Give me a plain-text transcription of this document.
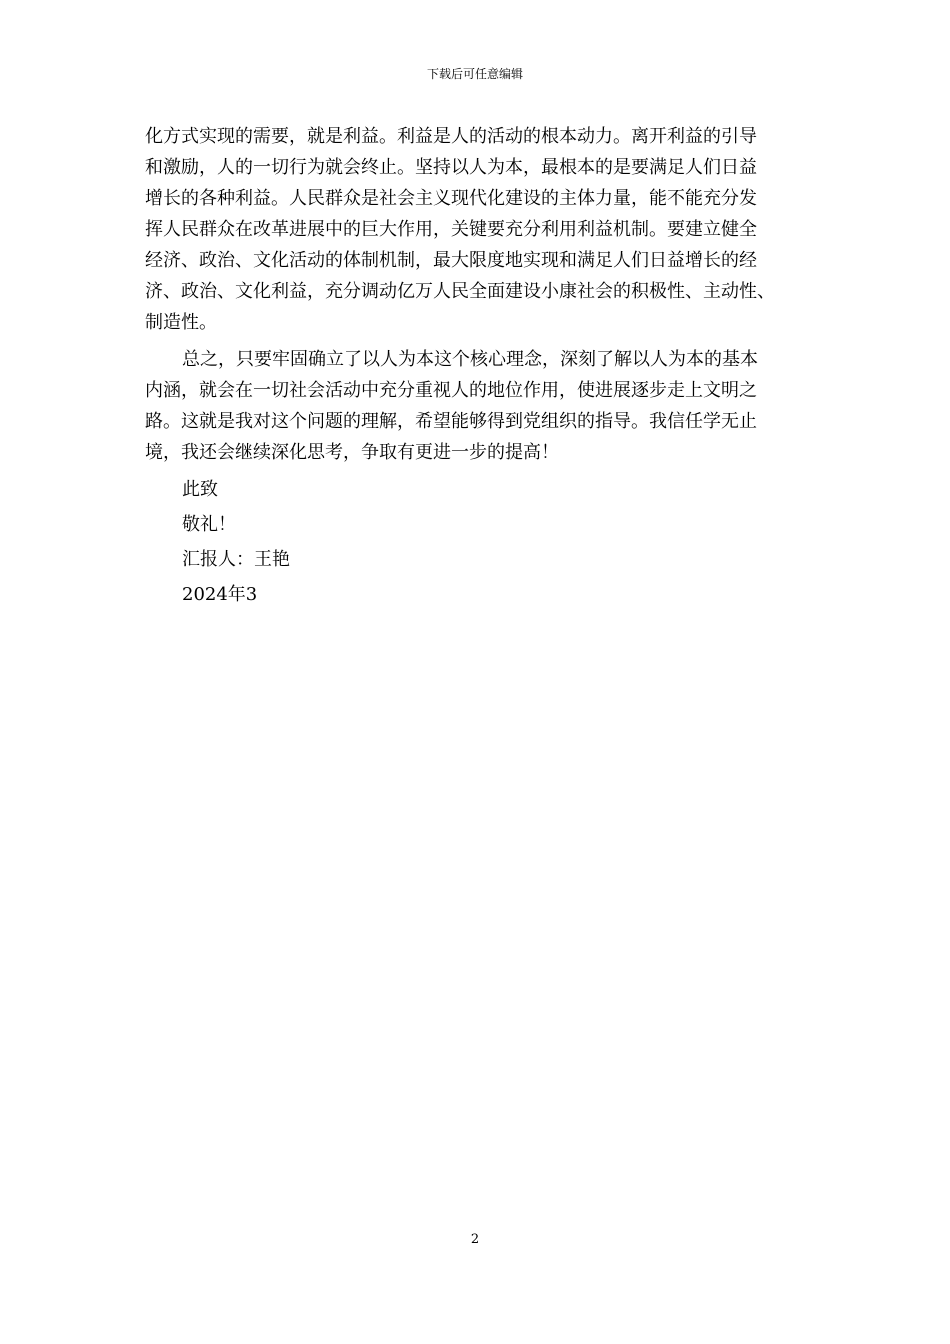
下载后可任意编辑
化方式实现的需要，就是利益。利益是人的活动的根本动力。离开利益的引导
和激励，人的一切行为就会终止。坚持以人为本，最根本的是要满足人们日益
增长的各种利益。人民群众是社会主义现代化建设的主体力量，能不能充分发
挥人民群众在改革进展中的巨大作用，关键要充分利用利益机制。要建立健全
经济、政治、文化活动的体制机制，最大限度地实现和满足人们日益增长的经
济、政治、文化利益，充分调动亿万人民全面建设小康社会的积极性、主动性、
制造性。
总之，只要牢固确立了以人为本这个核心理念，深刻了解以人为本的基本
内涵，就会在一切社会活动中充分重视人的地位作用，使进展逐步走上文明之
路。这就是我对这个问题的理解，希望能够得到党组织的指导。我信任学无止
境，我还会继续深化思考，争取有更进一步的提高！
此致
敬礼！
汇报人：王艳
2024年3
2
